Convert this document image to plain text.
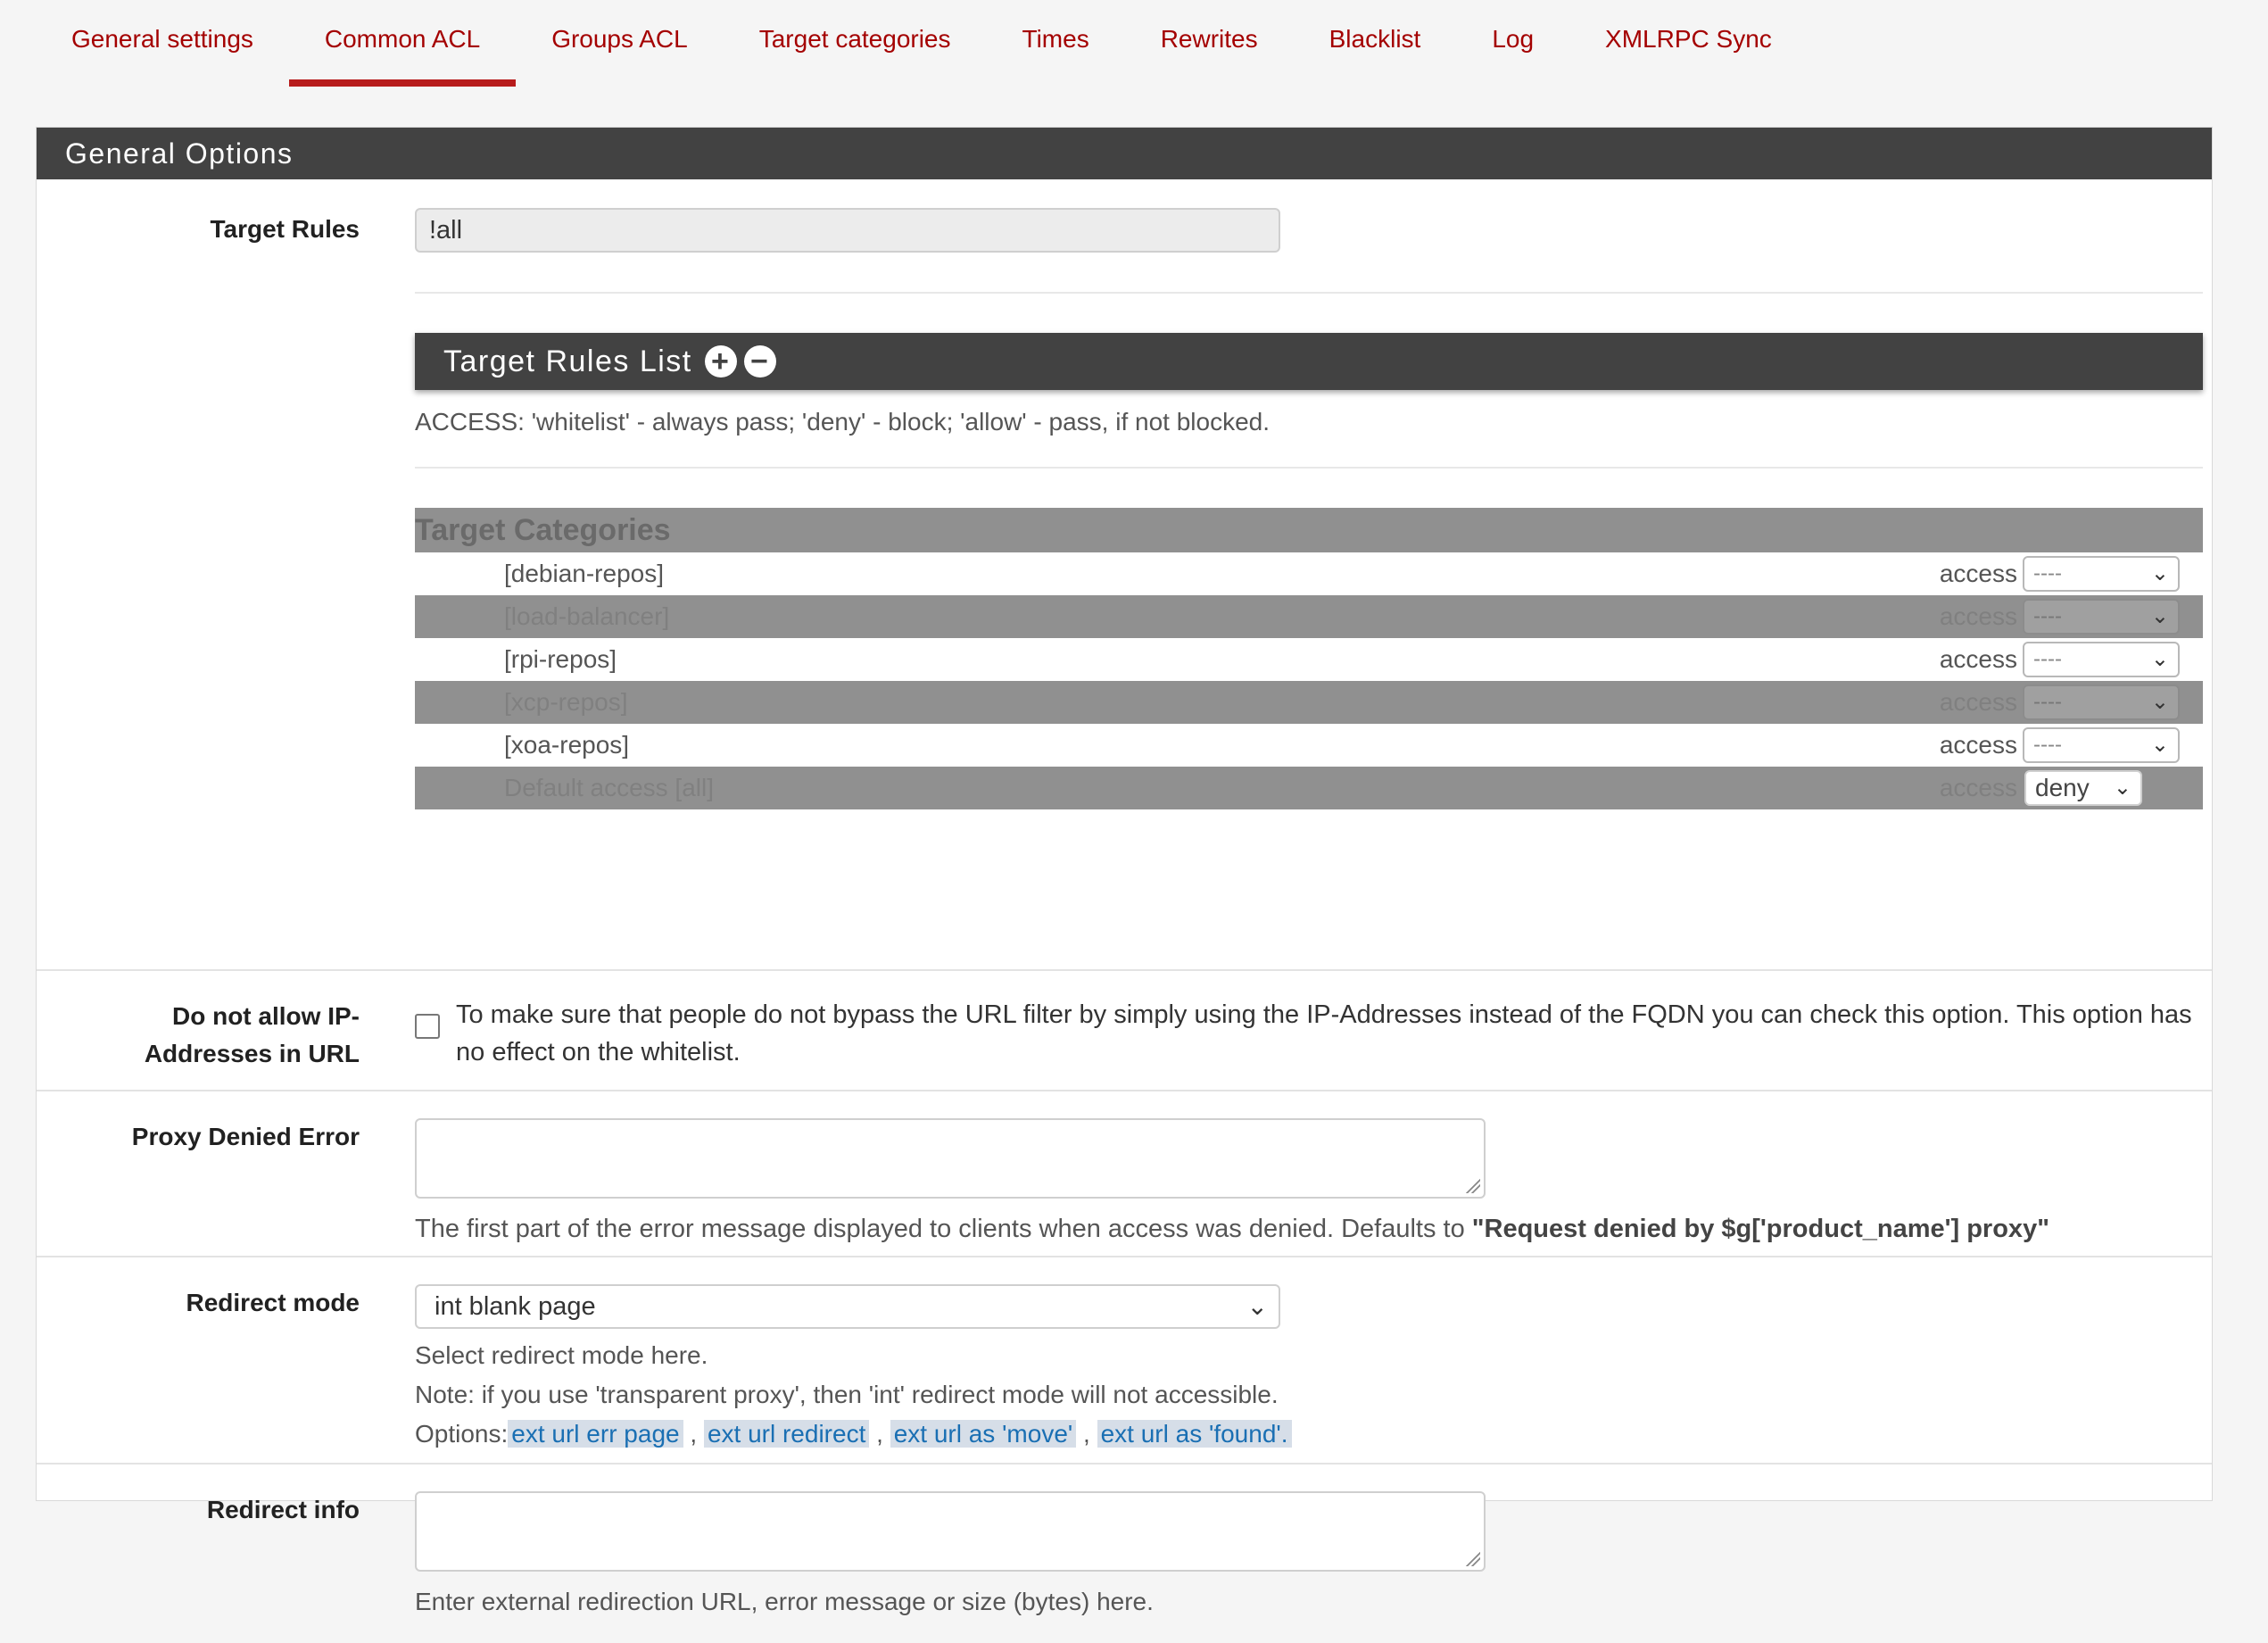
General settings	Common ACL	Groups ACL	Target categories	Times	Rewrites	Blacklist	Log	XMLRPC Sync
General Options
Target Rules	!all
Target Rules List + −
ACCESS: 'whitelist' - always pass; 'deny' - block; 'allow' - pass, if not blocked.
Target Categories
[debian-repos]	access ----	⌄
[load-balancer]	access ----	⌄
[rpi-repos]	access ----	⌄
[xcp-repos]	access ----	⌄
[xoa-repos]	access ----	⌄
Default access [all]	access deny ⌄
Do not allow IP-
Addresses in URL
To make sure that people do not bypass the URL filter by simply using the IP-Addresses instead of the FQDN you can check this option. This option has no effect on the whitelist.
Proxy Denied Error
The first part of the error message displayed to clients when access was denied. Defaults to "Request denied by $g['product_name'] proxy"
Redirect mode	int blank page	⌄
Select redirect mode here.
Note: if you use 'transparent proxy', then 'int' redirect mode will not accessible.
Options: ext url err page , ext url redirect , ext url as 'move' , ext url as 'found'.
Redirect info
Enter external redirection URL, error message or size (bytes) here.
